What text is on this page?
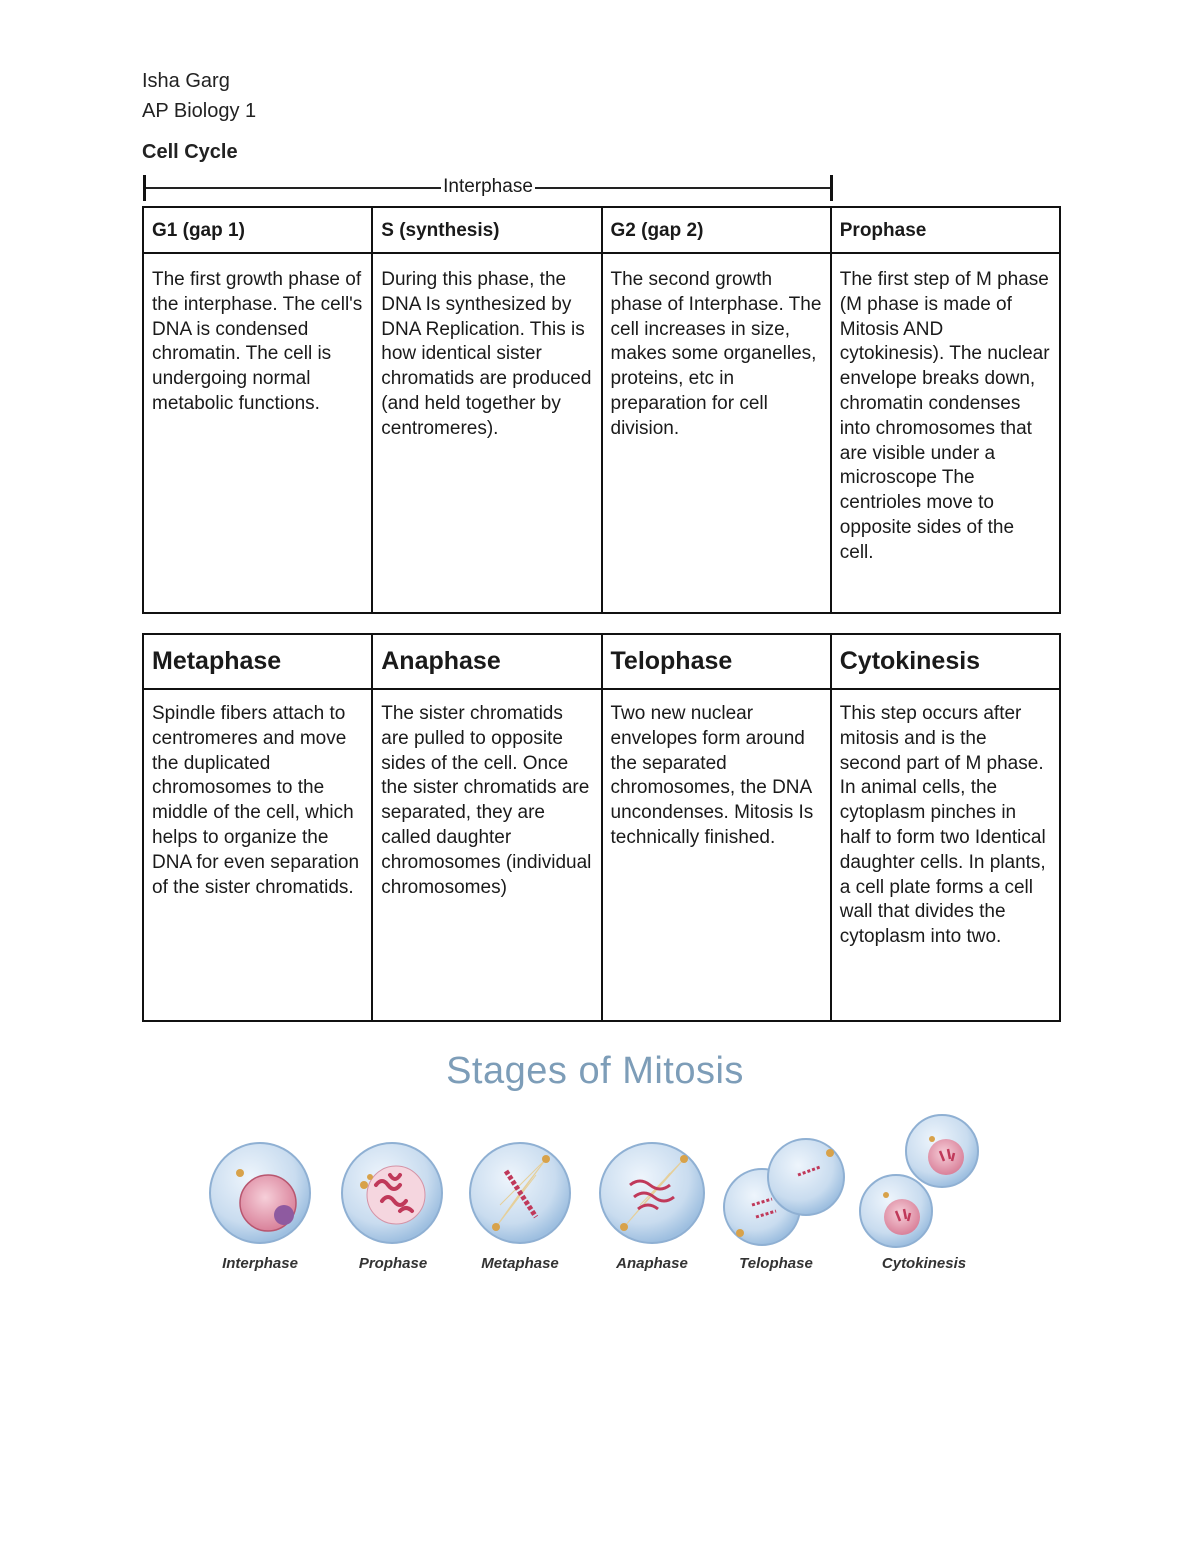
Isha Garg
AP Biology 1
Cell Cycle
Interphase
G1 (gap 1)	S (synthesis)	G2 (gap 2)	Prophase
The first growth phase of the interphase. The cell's DNA is condensed chromatin. The cell is undergoing normal metabolic functions.	During this phase, the DNA Is synthesized by DNA Replication. This is how identical sister chromatids are produced (and held together by centromeres).	The second growth phase of Interphase. The cell increases in size, makes some organelles, proteins, etc in preparation for cell division.	The first step of M phase (M phase is made of Mitosis AND cytokinesis). The nuclear envelope breaks down, chromatin condenses into chromosomes that are visible under a microscope The centrioles move to opposite sides of the cell.
Metaphase	Anaphase	Telophase	Cytokinesis
Spindle fibers attach to centromeres and move the duplicated chromosomes to the middle of the cell, which helps to organize the DNA for even separation of the sister chromatids.	The sister chromatids are pulled to opposite sides of the cell. Once the sister chromatids are separated, they are called daughter chromosomes (individual chromosomes)	Two new nuclear envelopes form around the separated chromosomes, the DNA uncondenses. Mitosis Is technically finished.	This step occurs after mitosis and is the second part of M phase. In animal cells, the cytoplasm pinches in half to form two Identical daughter cells. In plants, a cell plate forms a cell wall that divides the cytoplasm into two.
Stages of Mitosis
Interphase	Prophase	Metaphase	Anaphase	Telophase	Cytokinesis
